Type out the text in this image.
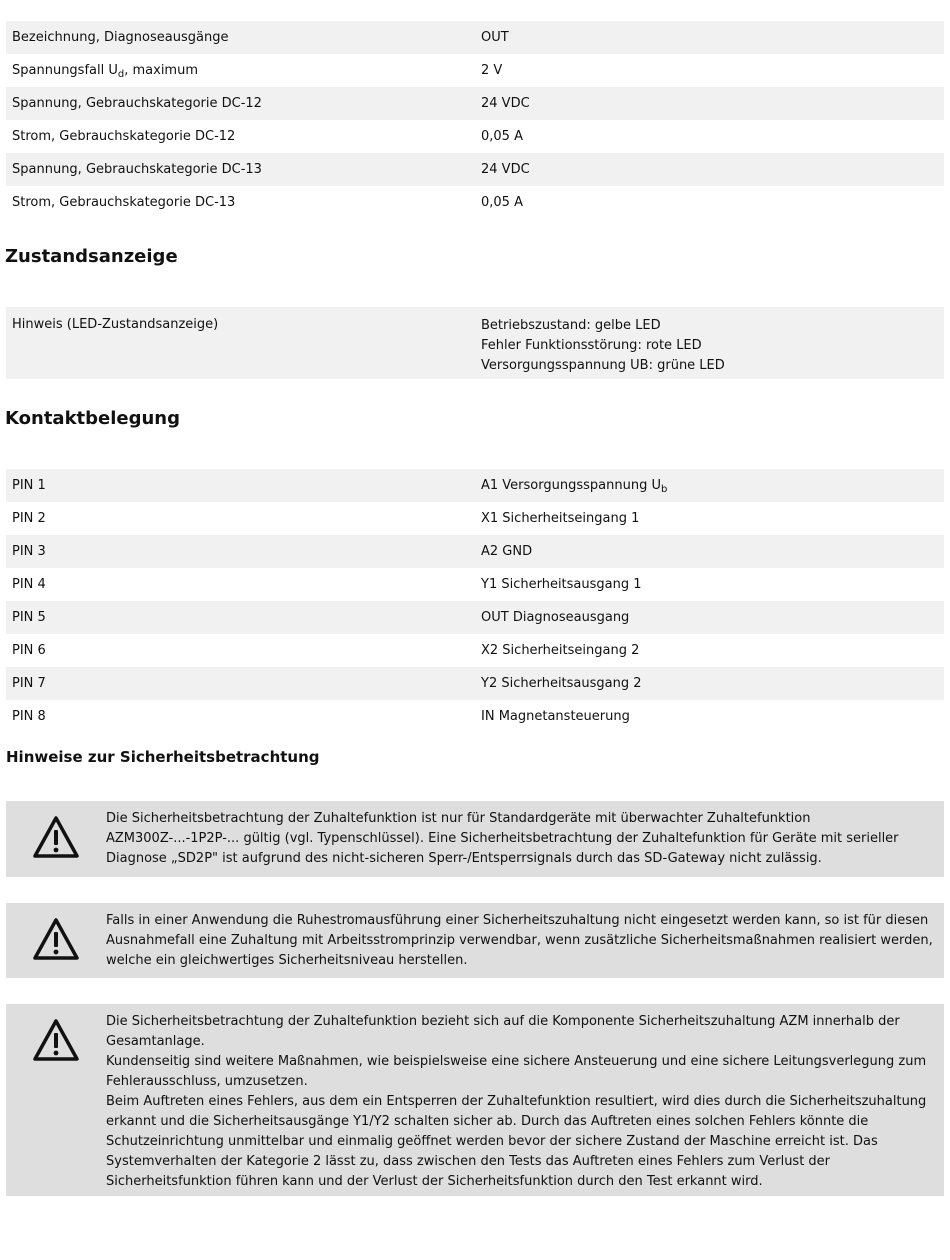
Bezeichnung, Diagnoseausgänge	OUT
Spannungsfall $U_d$, maximum	2 V
Spannung, Gebrauchskategorie DC-12	24 VDC
Strom, Gebrauchskategorie DC-12	0,05 A
Spannung, Gebrauchskategorie DC-13	24 VDC
Strom, Gebrauchskategorie DC-13	0,05 A
Zustandsanzeige
Hinweis (LED-Zustandsanzeige)	Betriebszustand: gelbe LED
Fehler Funktionsstörung: rote LED
Versorgungsspannung UB: grüne LED
Kontaktbelegung
PIN 1	A1 Versorgungsspannung $U_b$
PIN 2	X1 Sicherheitseingang 1
PIN 3	A2 GND
PIN 4	Y1 Sicherheitsausgang 1
PIN 5	OUT Diagnoseausgang
PIN 6	X2 Sicherheitseingang 2
PIN 7	Y2 Sicherheitsausgang 2
PIN 8	IN Magnetansteuerung
Hinweise zur Sicherheitsbetrachtung

Die Sicherheitsbetrachtung der Zuhaltefunktion ist nur für Standardgeräte mit überwachter Zuhaltefunktion AZM300Z-...-1P2P-... gültig (vgl. Typenschlüssel). Eine Sicherheitsbetrachtung der Zuhaltefunktion für Geräte mit serieller Diagnose „SD2P" ist aufgrund des nicht-sicheren Sperr-/Entsperrsignals durch das SD-Gateway nicht zulässig.

Falls in einer Anwendung die Ruhestromausführung einer Sicherheitszuhaltung nicht eingesetzt werden kann, so ist für diesen Ausnahmefall eine Zuhaltung mit Arbeitsstromprinzip verwendbar, wenn zusätzliche Sicherheitsmaßnahmen realisiert werden, welche ein gleichwertiges Sicherheitsniveau herstellen.

Die Sicherheitsbetrachtung der Zuhaltefunktion bezieht sich auf die Komponente Sicherheitszuhaltung AZM innerhalb der Gesamtanlage.

Kundenseitig sind weitere Maßnahmen, wie beispielsweise eine sichere Ansteuerung und eine sichere Leitungsverlegung zum Fehlerausschluss, umzusetzen.

Beim Auftreten eines Fehlers, aus dem ein Entsperren der Zuhaltefunktion resultiert, wird dies durch die Sicherheitszuhaltung erkannt und die Sicherheitsausgänge Y1/Y2 schalten sicher ab. Durch das Auftreten eines solchen Fehlers könnte die Schutzeinrichtung unmittelbar und einmalig geöffnet werden bevor der sichere Zustand der Maschine erreicht ist. Das Systemverhalten der Kategorie 2 lässt zu, dass zwischen den Tests das Auftreten eines Fehlers zum Verlust der Sicherheitsfunktion führen kann und der Verlust der Sicherheitsfunktion durch den Test erkannt wird.
